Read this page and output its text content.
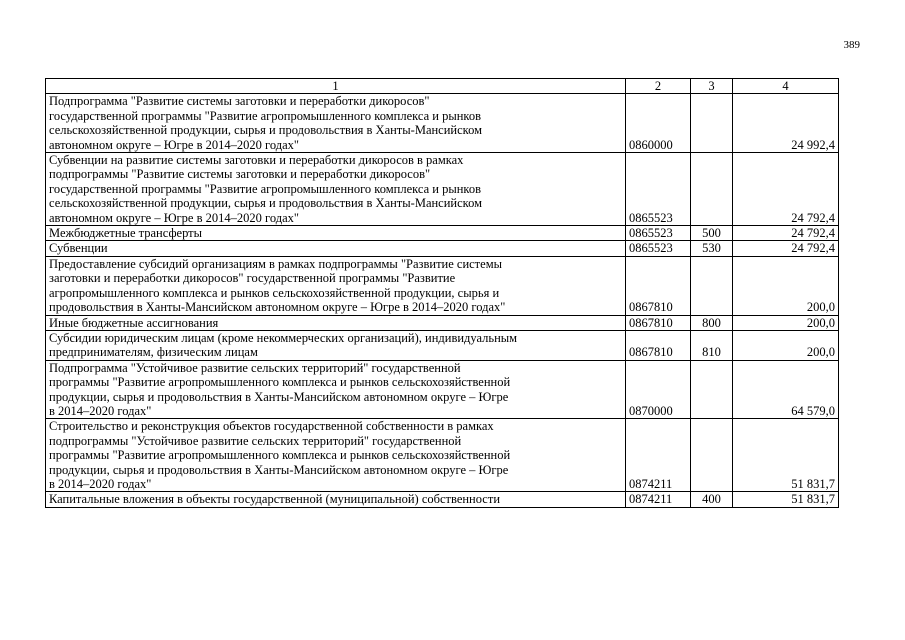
389
1	2	3	4

Подпрограмма "Развитие системы заготовки и переработки дикоросов"
государственной программы "Развитие агропромышленного комплекса и рынков
сельскохозяйственной продукции, сырья и продовольствия в Ханты-Мансийском
автономном округе – Югре в 2014–2020 годах"	0860000		24 992,4

Субвенции на развитие системы заготовки и переработки дикоросов в рамках
подпрограммы "Развитие системы заготовки и переработки дикоросов"
государственной программы "Развитие агропромышленного комплекса и рынков
сельскохозяйственной продукции, сырья и продовольствия в Ханты-Мансийском
автономном округе – Югре в 2014–2020 годах"	0865523		24 792,4

Межбюджетные трансферты	0865523	500	24 792,4

Субвенции	0865523	530	24 792,4

Предоставление субсидий организациям в рамках подпрограммы "Развитие системы
заготовки и переработки дикоросов" государственной программы "Развитие
агропромышленного комплекса и рынков сельскохозяйственной продукции, сырья и
продовольствия в Ханты-Мансийском автономном округе – Югре в 2014–2020 годах"	0867810		200,0

Иные бюджетные ассигнования	0867810	800	200,0

Субсидии юридическим лицам (кроме некоммерческих организаций), индивидуальным
предпринимателям, физическим лицам	0867810	810	200,0

Подпрограмма "Устойчивое развитие сельских территорий" государственной
программы "Развитие агропромышленного комплекса и рынков сельскохозяйственной
продукции, сырья и продовольствия в Ханты-Мансийском автономном округе – Югре
в 2014–2020 годах"	0870000		64 579,0

Строительство и реконструкция объектов государственной собственности в рамках
подпрограммы "Устойчивое развитие сельских территорий" государственной
программы "Развитие агропромышленного комплекса и рынков сельскохозяйственной
продукции, сырья и продовольствия в Ханты-Мансийском автономном округе – Югре
в 2014–2020 годах"	0874211		51 831,7

Капитальные вложения в объекты государственной (муниципальной) собственности	0874211	400	51 831,7
